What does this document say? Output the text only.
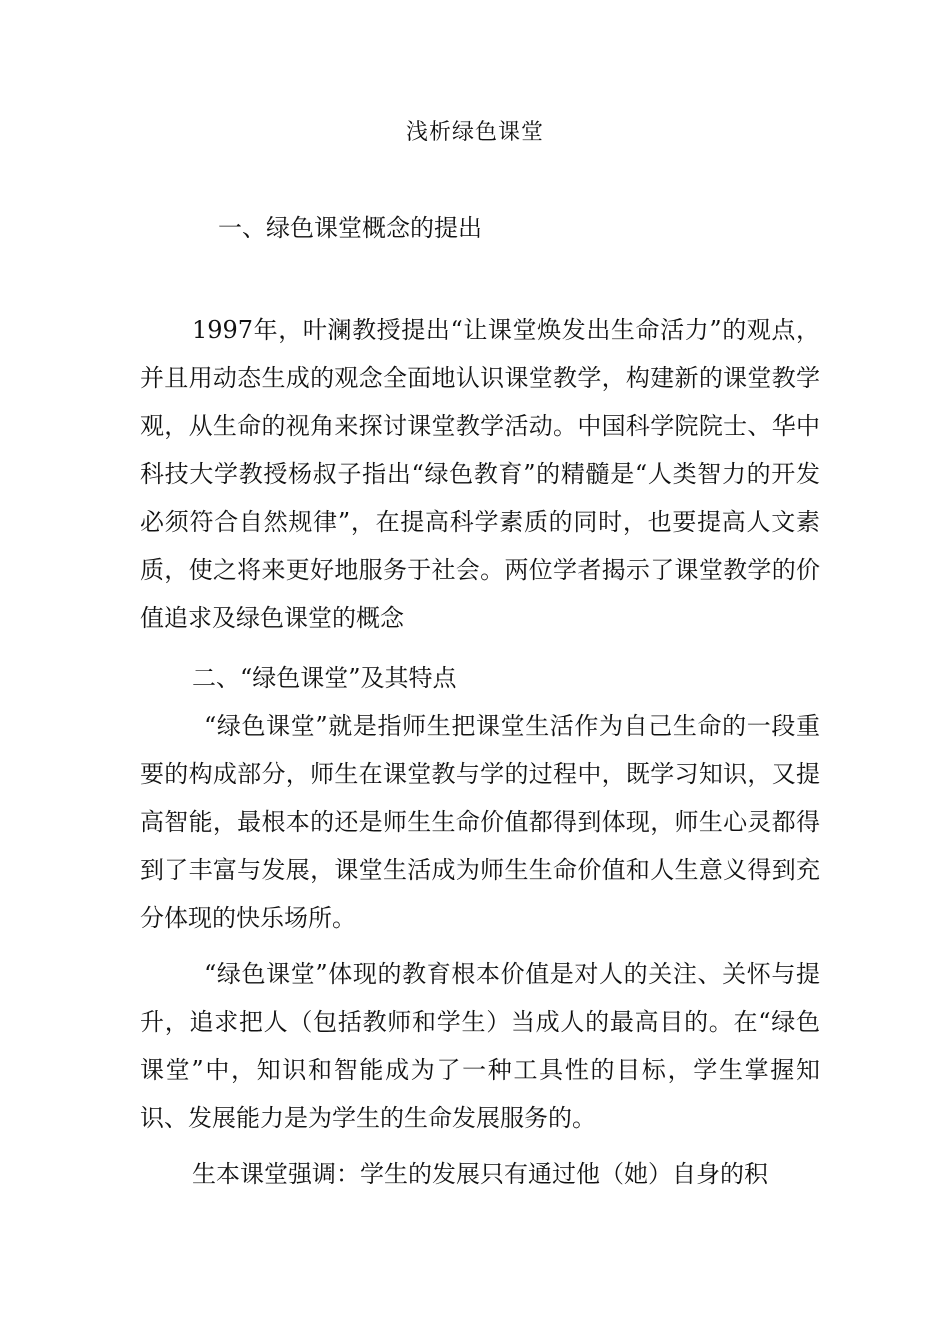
浅析绿色课堂
一、绿色课堂概念的提出

1997年，叶澜教授提出“让课堂焕发出生命活力”的观点，并且用动态生成的观念全面地认识课堂教学，构建新的课堂教学观，从生命的视角来探讨课堂教学活动。中国科学院院士、华中科技大学教授杨叔子指出“绿色教育”的精髓是“人类智力的开发必须符合自然规律”，在提高科学素质的同时，也要提高人文素质，使之将来更好地服务于社会。两位学者揭示了课堂教学的价值追求及绿色课堂的概念

二、“绿色课堂”及其特点

“绿色课堂”就是指师生把课堂生活作为自己生命的一段重要的构成部分，师生在课堂教与学的过程中，既学习知识，又提高智能，最根本的还是师生生命价值都得到体现，师生心灵都得到了丰富与发展，课堂生活成为师生生命价值和人生意义得到充分体现的快乐场所。

“绿色课堂”体现的教育根本价值是对人的关注、关怀与提升，追求把人（包括教师和学生）当成人的最高目的。在“绿色课堂”中，知识和智能成为了一种工具性的目标，学生掌握知识、发展能力是为学生的生命发展服务的。

生本课堂强调：学生的发展只有通过他（她）自身的积
